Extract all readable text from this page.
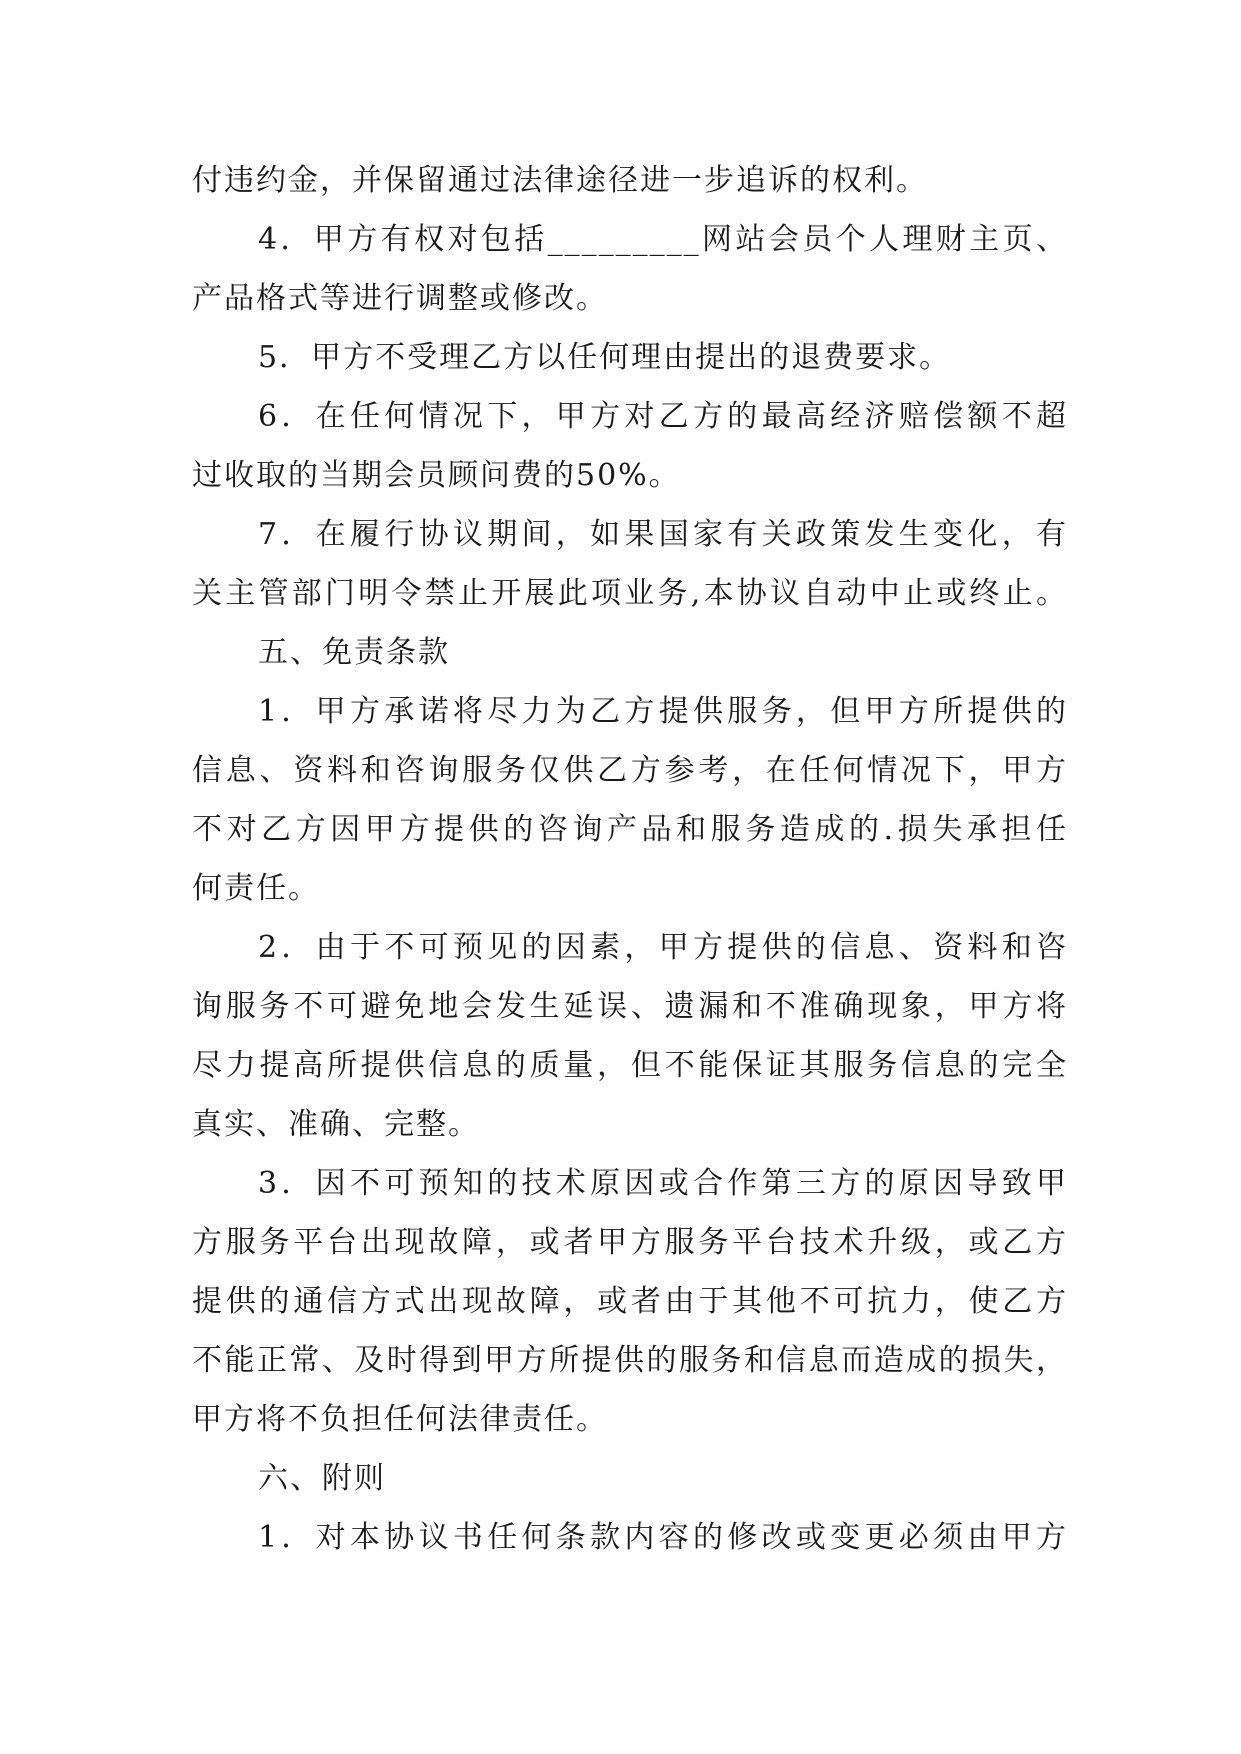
付违约金，并保留通过法律途径进一步追诉的权利。
4．甲方有权对包括_________网站会员个人理财主页、
产品格式等进行调整或修改。
5．甲方不受理乙方以任何理由提出的退费要求。
6．在任何情况下，甲方对乙方的最高经济赔偿额不超
过收取的当期会员顾问费的50%。
7．在履行协议期间，如果国家有关政策发生变化，有
关主管部门明令禁止开展此项业务,本协议自动中止或终止。
五、免责条款
1．甲方承诺将尽力为乙方提供服务，但甲方所提供的
信息、资料和咨询服务仅供乙方参考，在任何情况下，甲方
不对乙方因甲方提供的咨询产品和服务造成的.损失承担任
何责任。
2．由于不可预见的因素，甲方提供的信息、资料和咨
询服务不可避免地会发生延误、遗漏和不准确现象，甲方将
尽力提高所提供信息的质量，但不能保证其服务信息的完全
真实、准确、完整。
3．因不可预知的技术原因或合作第三方的原因导致甲
方服务平台出现故障，或者甲方服务平台技术升级，或乙方
提供的通信方式出现故障，或者由于其他不可抗力，使乙方
不能正常、及时得到甲方所提供的服务和信息而造成的损失，
甲方将不负担任何法律责任。
六、附则
1．对本协议书任何条款内容的修改或变更必须由甲方
